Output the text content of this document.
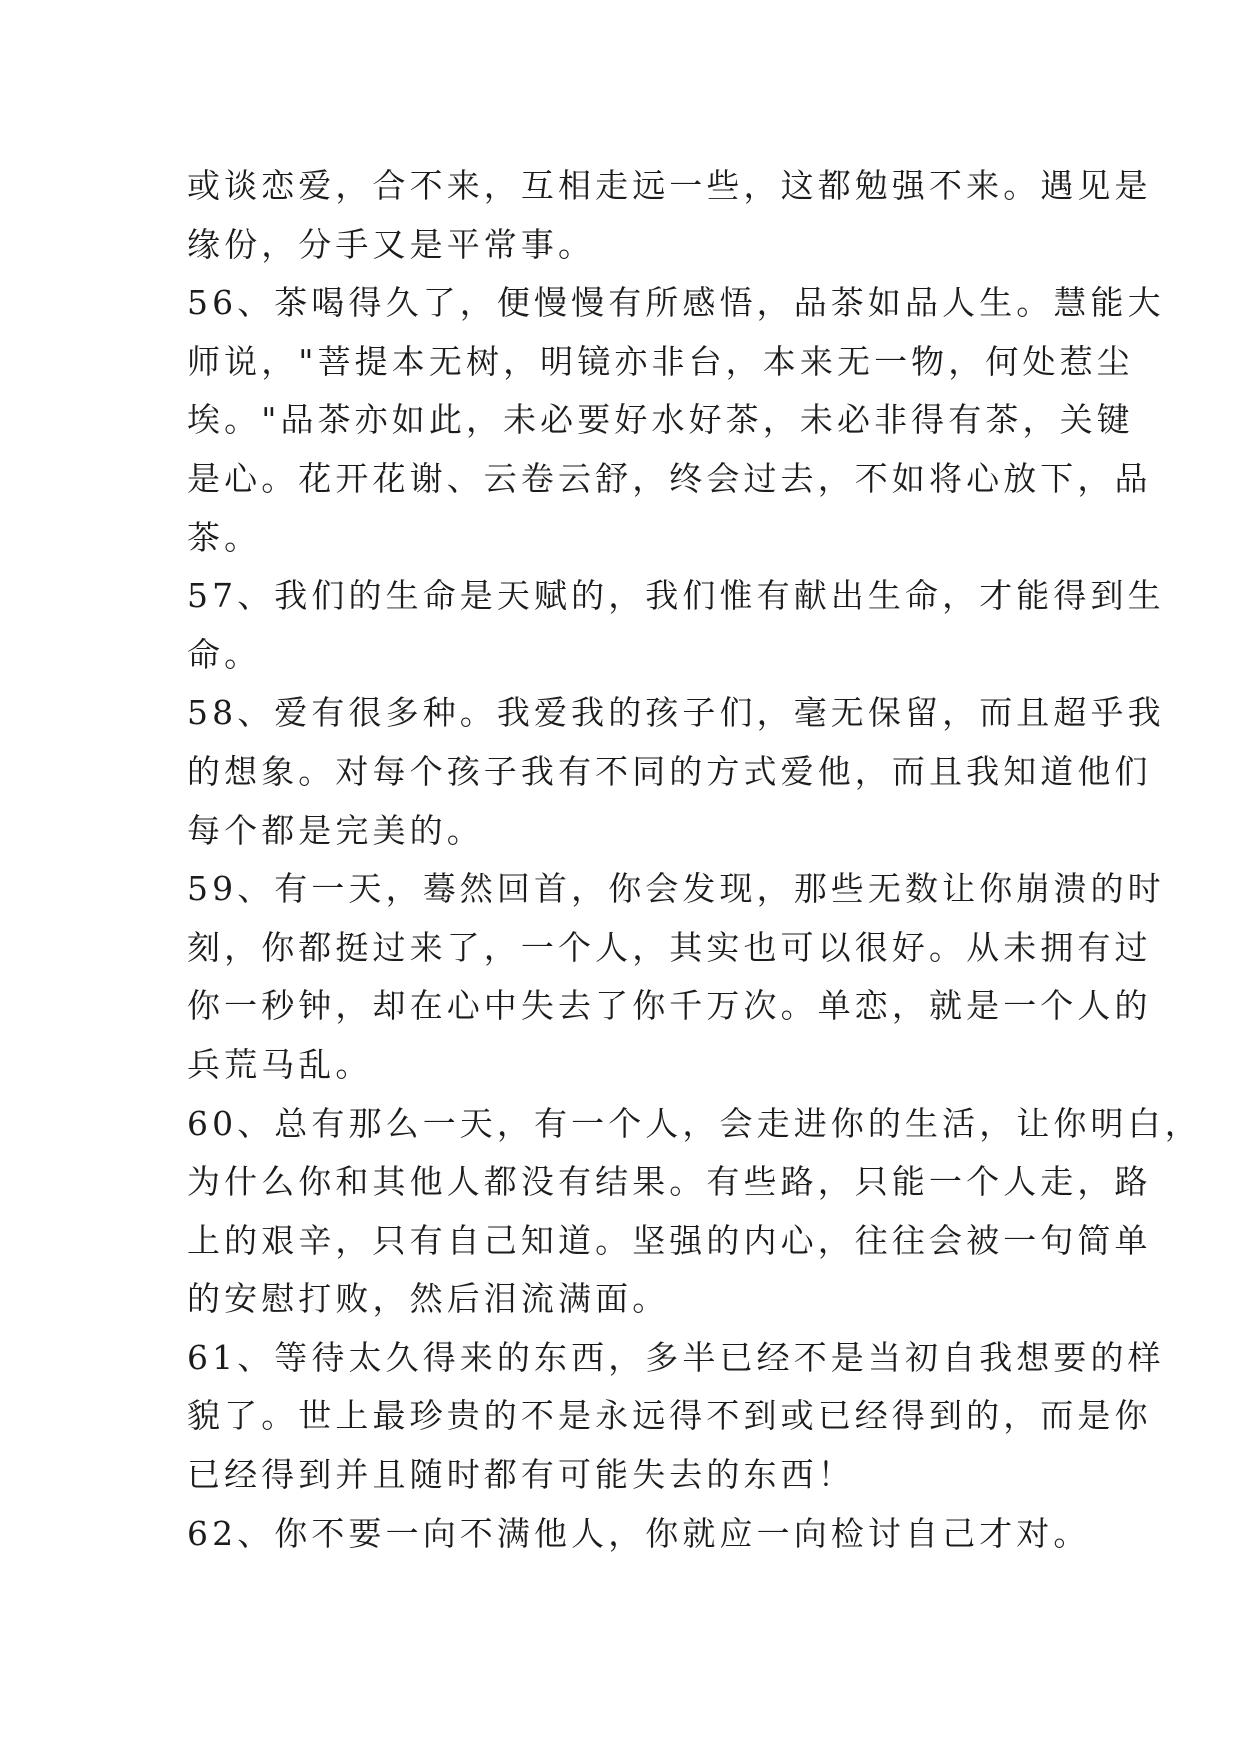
或谈恋爱，合不来，互相走远一些，这都勉强不来。遇见是
缘份，分手又是平常事。
56、茶喝得久了，便慢慢有所感悟，品茶如品人生。慧能大
师说，"菩提本无树，明镜亦非台，本来无一物，何处惹尘
埃。"品茶亦如此，未必要好水好茶，未必非得有茶，关键
是心。花开花谢、云卷云舒，终会过去，不如将心放下，品
茶。
57、我们的生命是天赋的，我们惟有献出生命，才能得到生
命。
58、爱有很多种。我爱我的孩子们，毫无保留，而且超乎我
的想象。对每个孩子我有不同的方式爱他，而且我知道他们
每个都是完美的。
59、有一天，蓦然回首，你会发现，那些无数让你崩溃的时
刻，你都挺过来了，一个人，其实也可以很好。从未拥有过
你一秒钟，却在心中失去了你千万次。单恋，就是一个人的
兵荒马乱。
60、总有那么一天，有一个人，会走进你的生活，让你明白，
为什么你和其他人都没有结果。有些路，只能一个人走，路
上的艰辛，只有自己知道。坚强的内心，往往会被一句简单
的安慰打败，然后泪流满面。
61、等待太久得来的东西，多半已经不是当初自我想要的样
貌了。世上最珍贵的不是永远得不到或已经得到的，而是你
已经得到并且随时都有可能失去的东西！
62、你不要一向不满他人，你就应一向检讨自己才对。
